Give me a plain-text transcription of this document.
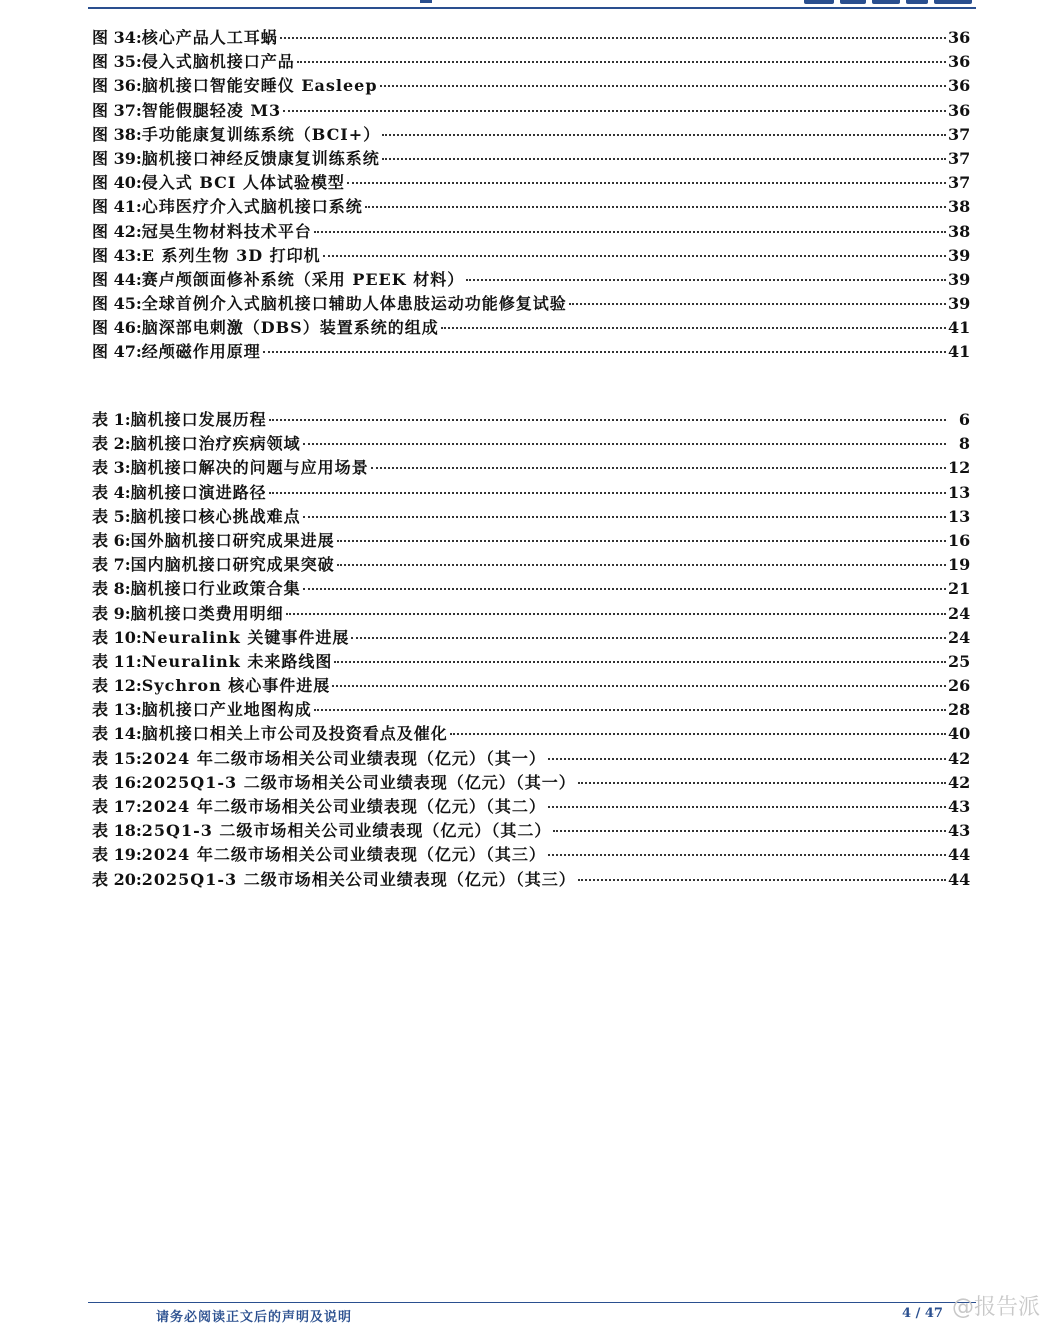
图 34: 核心产品人工耳蜗	36
图 35: 侵入式脑机接口产品	36
图 36: 脑机接口智能安睡仪 Easleep	36
图 37: 智能假腿轻凌 M3	36
图 38: 手功能康复训练系统（BCI+）	37
图 39: 脑机接口神经反馈康复训练系统	37
图 40: 侵入式 BCI 人体试验模型	37
图 41: 心玮医疗介入式脑机接口系统	38
图 42: 冠昊生物材料技术平台	38
图 43: E 系列生物 3D 打印机	39
图 44: 赛卢颅颌面修补系统（采用 PEEK 材料）	39
图 45: 全球首例介入式脑机接口辅助人体患肢运动功能修复试验	39
图 46: 脑深部电刺激（DBS）装置系统的组成	41
图 47: 经颅磁作用原理	41
表 1: 脑机接口发展历程	6
表 2: 脑机接口治疗疾病领域	8
表 3: 脑机接口解决的问题与应用场景	12
表 4: 脑机接口演进路径	13
表 5: 脑机接口核心挑战难点	13
表 6: 国外脑机接口研究成果进展	16
表 7: 国内脑机接口研究成果突破	19
表 8: 脑机接口行业政策合集	21
表 9: 脑机接口类费用明细	24
表 10: Neuralink 关键事件进展	24
表 11: Neuralink 未来路线图	25
表 12: Sychron 核心事件进展	26
表 13: 脑机接口产业地图构成	28
表 14: 脑机接口相关上市公司及投资看点及催化	40
表 15: 2024 年二级市场相关公司业绩表现（亿元）（其一）	42
表 16: 2025Q1-3 二级市场相关公司业绩表现（亿元）（其一）	42
表 17: 2024 年二级市场相关公司业绩表现（亿元）（其二）	43
表 18: 25Q1-3 二级市场相关公司业绩表现（亿元）（其二）	43
表 19: 2024 年二级市场相关公司业绩表现（亿元）（其三）	44
表 20: 2025Q1-3 二级市场相关公司业绩表现（亿元）（其三）	44
请务必阅读正文后的声明及说明	4 / 47 @报告派
